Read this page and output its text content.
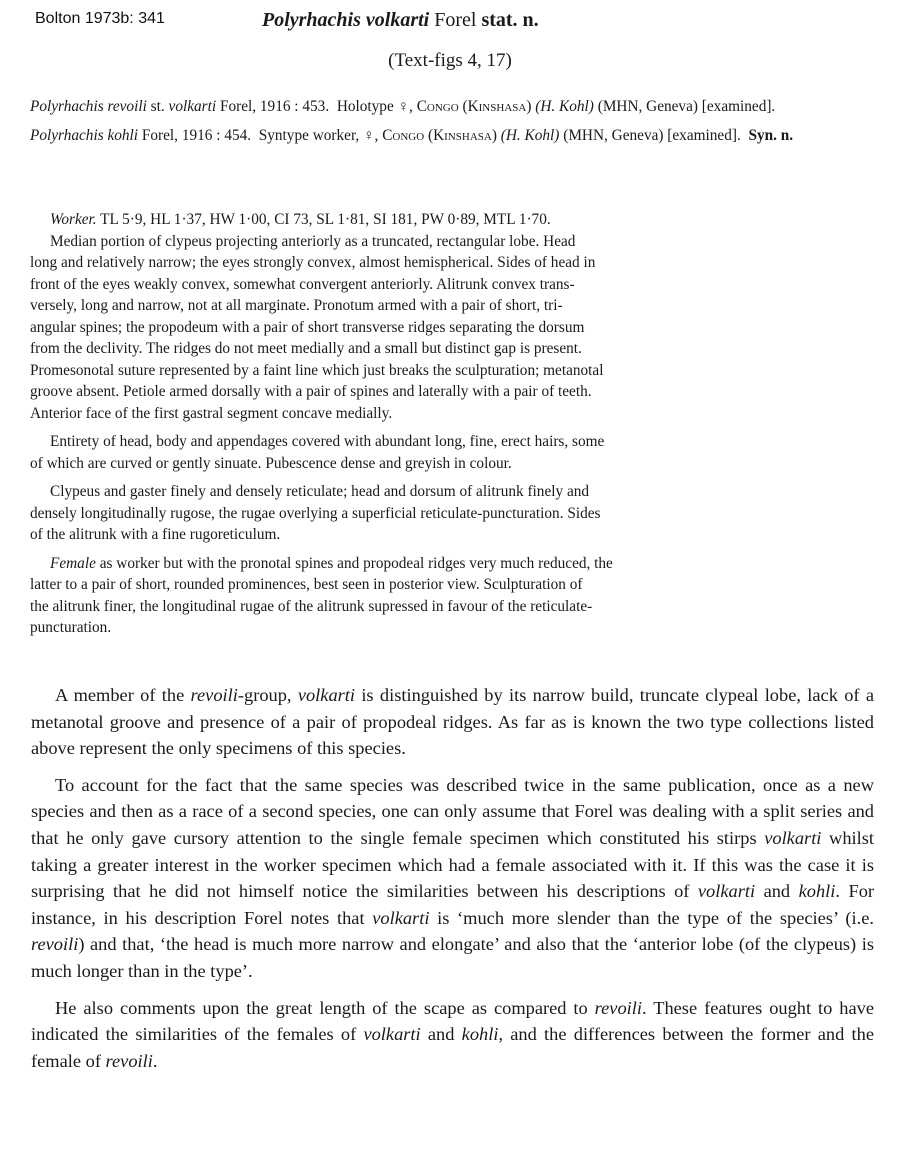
Bolton 1973b: 341	Polyrhachis volkarti Forel stat. n.
(Text-figs 4, 17)

Polyrhachis revoili st. volkarti Forel, 1916 : 453. Holotype ♀, Congo (Kinshasa) (H. Kohl) (MHN, Geneva) [examined].

Polyrhachis kohli Forel, 1916 : 454. Syntype worker, ♀, Congo (Kinshasa) (H. Kohl) (MHN, Geneva) [examined]. Syn. n.

Worker. TL 5·9, HL 1·37, HW 1·00, CI 73, SL 1·81, SI 181, PW 0·89, MTL 1·70.

Median portion of clypeus projecting anteriorly as a truncated, rectangular lobe. Head
long and relatively narrow; the eyes strongly convex, almost hemispherical. Sides of head in
front of the eyes weakly convex, somewhat convergent anteriorly. Alitrunk convex trans-
versely, long and narrow, not at all marginate. Pronotum armed with a pair of short, tri-
angular spines; the propodeum with a pair of short transverse ridges separating the dorsum
from the declivity. The ridges do not meet medially and a small but distinct gap is present.
Promesonotal suture represented by a faint line which just breaks the sculpturation; metanotal
groove absent. Petiole armed dorsally with a pair of spines and laterally with a pair of teeth.
Anterior face of the first gastral segment concave medially.
Entirety of head, body and appendages covered with abundant long, fine, erect hairs, some
of which are curved or gently sinuate. Pubescence dense and greyish in colour.
Clypeus and gaster finely and densely reticulate; head and dorsum of alitrunk finely and
densely longitudinally rugose, the rugae overlying a superficial reticulate-puncturation. Sides
of the alitrunk with a fine rugoreticulum.
Female as worker but with the pronotal spines and propodeal ridges very much reduced, the
latter to a pair of short, rounded prominences, best seen in posterior view. Sculpturation of
the alitrunk finer, the longitudinal rugae of the alitrunk supressed in favour of the reticulate-
puncturation.

A member of the revoili-group, volkarti is distinguished by its narrow build, truncate clypeal lobe, lack of a metanotal groove and presence of a pair of propodeal ridges. As far as is known the two type collections listed above represent the only specimens of this species.

To account for the fact that the same species was described twice in the same publication, once as a new species and then as a race of a second species, one can only assume that Forel was dealing with a split series and that he only gave cursory attention to the single female specimen which constituted his stirps volkarti whilst taking a greater interest in the worker specimen which had a female associated with it. If this was the case it is surprising that he did not himself notice the similarities between his descriptions of volkarti and kohli. For instance, in his description Forel notes that volkarti is ‘much more slender than the type of the species’ (i.e. revoili) and that, ‘the head is much more narrow and elongate’ and also that the ‘anterior lobe (of the clypeus) is much longer than in the type’.

He also comments upon the great length of the scape as compared to revoili. These features ought to have indicated the similarities of the females of volkarti and kohli, and the differences between the former and the female of revoili.
